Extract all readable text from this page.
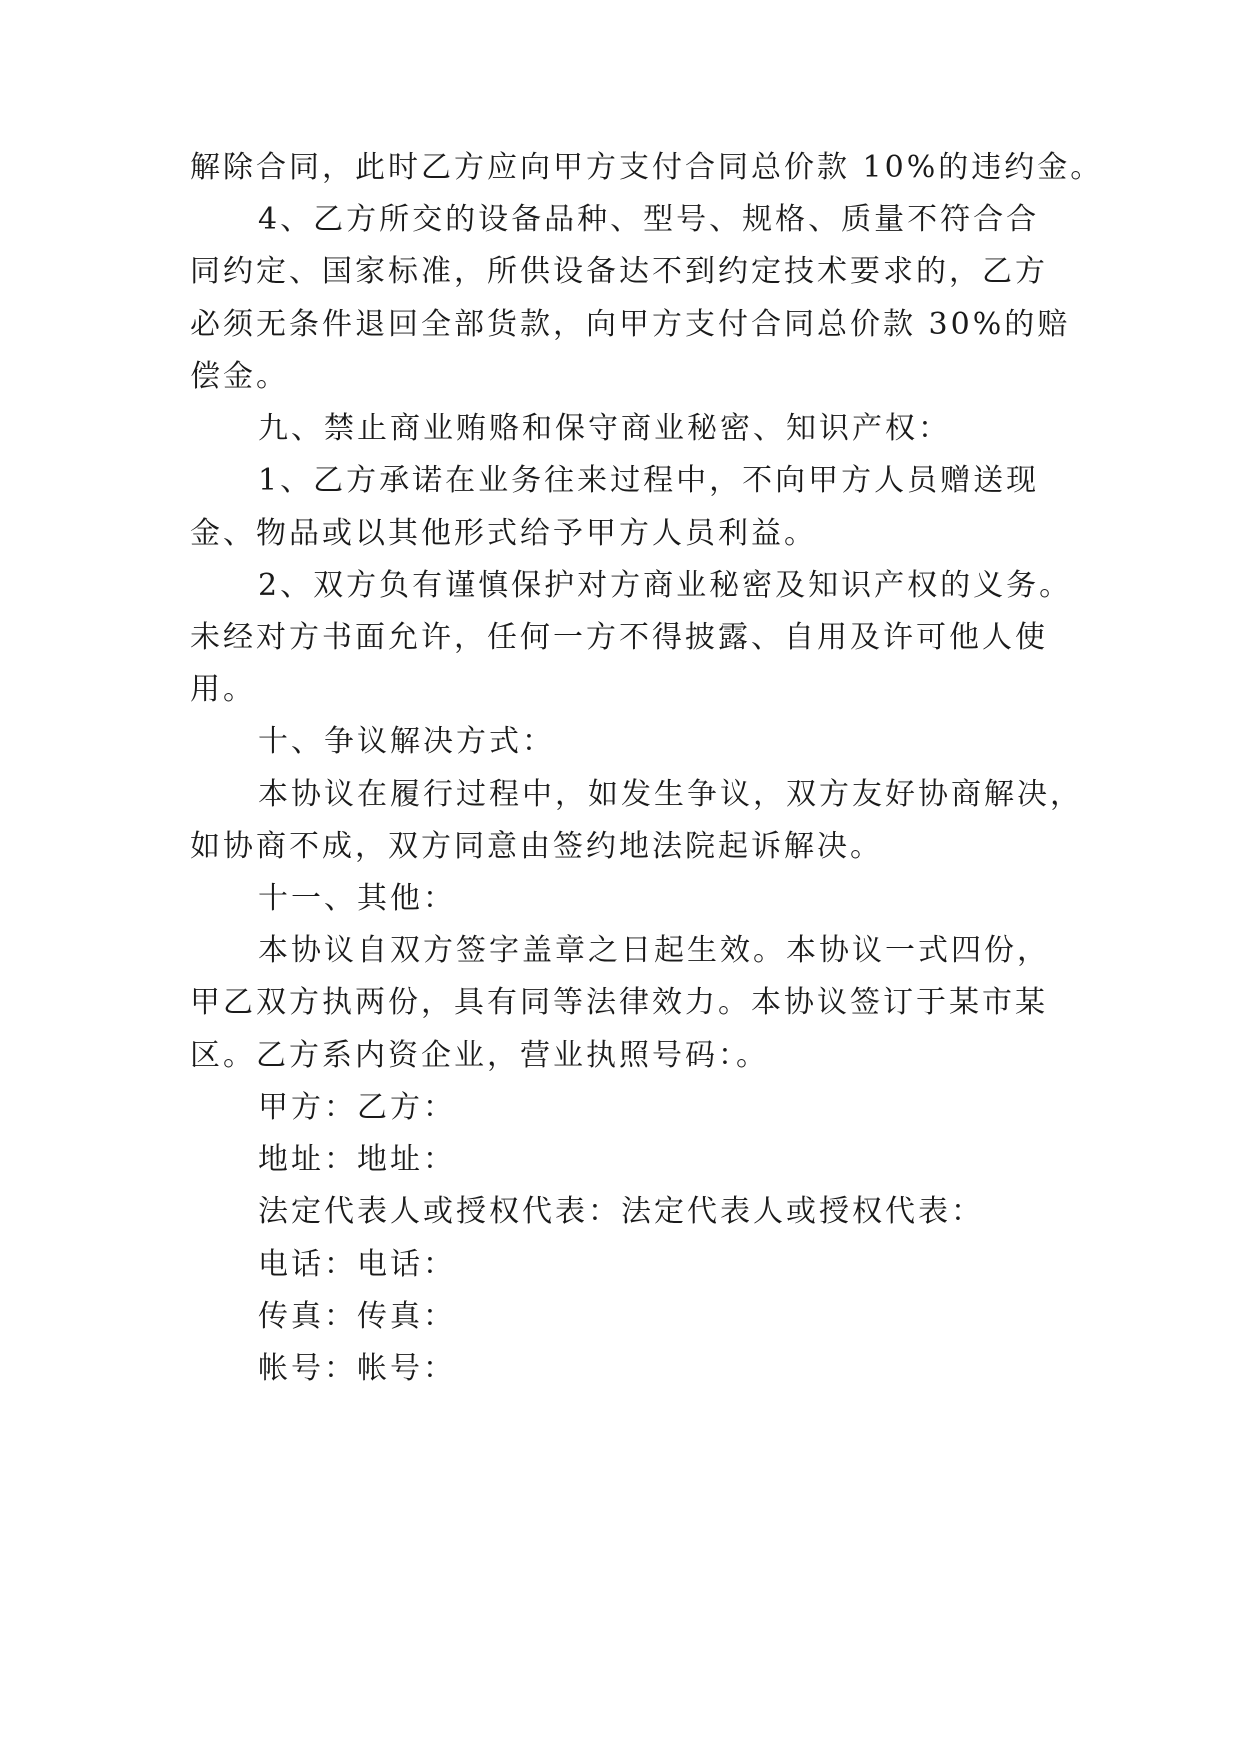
解除合同，此时乙方应向甲方支付合同总价款 10%的违约金。
4、乙方所交的设备品种、型号、规格、质量不符合合
同约定、国家标准，所供设备达不到约定技术要求的，乙方
必须无条件退回全部货款，向甲方支付合同总价款 30%的赔
偿金。
九、禁止商业贿赂和保守商业秘密、知识产权：
1、乙方承诺在业务往来过程中，不向甲方人员赠送现
金、物品或以其他形式给予甲方人员利益。
2、双方负有谨慎保护对方商业秘密及知识产权的义务。
未经对方书面允许，任何一方不得披露、自用及许可他人使
用。
十、争议解决方式：
本协议在履行过程中，如发生争议，双方友好协商解决，
如协商不成，双方同意由签约地法院起诉解决。
十一、其他：
本协议自双方签字盖章之日起生效。本协议一式四份，
甲乙双方执两份，具有同等法律效力。本协议签订于某市某
区。乙方系内资企业，营业执照号码：。
甲方：乙方：
地址：地址：
法定代表人或授权代表：法定代表人或授权代表：
电话：电话：
传真：传真：
帐号：帐号：
